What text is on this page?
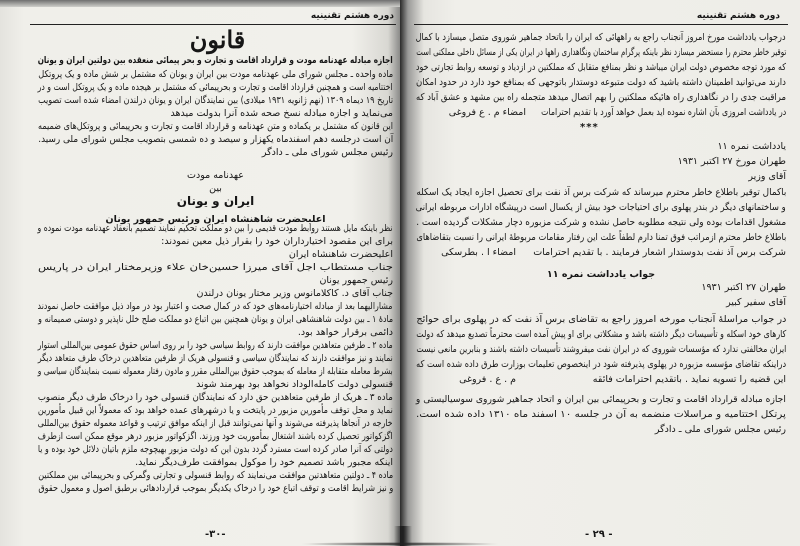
دوره هشتم تقنینیه
قانون
اجازه مبادله عهدنامه مودت و قرارداد اقامت و تجارت و بحر پیمائی منعقده بین دولتین ایران و یونان
ماده واحده ـ مجلس شورای ملی عهدنامه مودت بین ایران و یونان که مشتمل بر شش ماده و یک پروتکل
اختتامیه است و همچنین قرارداد اقامت و تجارت و بحرپیمائی که مشتمل بر هیجده ماده و یک پروتکل است و در
تاریخ ۱۹ دیماه ۱۳۰۹ (نهم ژانویه ۱۹۳۱ میلادی) بین نمایندگان ایران و یونان درلندن امضاء شده است تصویب
می‌نماید و اجازه مبادله نسخ صحه شده آنرا بدولت میدهد
این قانون که مشتمل بر یکماده و متن عهدنامه و قرارداد اقامت و تجارت و بحرپیمائی و پروتکل‌های ضمیمه
آن است درجلسه دهم اسفندماه یکهزار و سیصد و ده شمسی بتصویب مجلس شورای ملی رسید.
رئیس مجلس شورای ملی ـ دادگر
عهدنامه مودت
بین
ایران و یونان
اعلیحضرت شاهنشاه ایران ورئیس جمهور یونان
نظر باینکه مایل هستند روابط مودت قدیمی را بین دو مملکت تحکیم نمایند تصمیم بانعقاد عهدنامه مودت نموده و
برای این مقصود اختیارداران خود را بقرار ذیل معین نمودند:
اعلیحضرت شاهنشاه ایران
جناب مستطاب اجل آقای میرزا حسین‌خان علاء وزیرمختار ایران در پاریس
رئیس جمهور یونان
جناب آقای د. کاکلامانوس وزیر مختار یونان درلندن
مشارالیهما بعد از مبادله اختیارنامه‌های خود که در کمال صحت و اعتبار بود در مواد ذیل موافقت حاصل نمودند
مادهٔ ۱ ـ بین دولت شاهنشاهی ایران و یونان همچنین بین اتباع دو مملکت صلح خلل ناپذیر و دوستی صمیمانه و
دائمی برقرار خواهد بود.
ماده ۲ ـ طرفین متعاهدین موافقت دارند که روابط سیاسی خود را بر روی اساس حقوق عمومی بین‌المللی استوار
نمایند و نیز موافقت دارند که نمایندگان سیاسی و قنسولی هریک از طرفین متعاهدین درخاک طرف متعاهد دیگر
بشرط معامله متقابله از معامله که بموجب حقوق بین‌المللی مقرر و مادون رفتار معموله نسبت بنمایندگان سیاسی و
قنسولی دولت کامله‌الوداد نخواهد بود بهرمند شوند
ماده ۳ ـ هریک از طرفین متعاهدین حق دارد که نمایندگان قنسولی خود را درخاک طرف دیگر منصوب
نماید و محل توقف مأمورین مزبور در پایتخت و یا درشهرهای عمده خواهد بود که معمولاً این قبیل مأمورین
خارجه در آنجاها پذیرفته می‌شوند و آنها نمی‌توانند قبل از اینکه موافق ترتیب و قواعد معموله حقوق بین‌المللی
اگزکواتور تحصیل کرده باشند اشتغال بمأموریت خود ورزند. اگزکواتور مزبور درهر موقع ممکن است ازطرف
دولتی که آنرا صادر کرده است مسترد گردد بدون این که دولت مزبور بهیچوجه ملزم باتیان دلائل خود بوده و یا
اینکه مجبور باشد تصمیم خود را موکول بموافقت طرف‌دیگر نماید.
ماده ۴ ـ دولتین متعاهدتین موافقت می‌نمایند که روابط قنسولی و تجارتی وگمرکی و بحرپیمائی بین مملکتین
و نیز شرایط اقامت و توقف اتباع خود را درخاک یکدیگر بموجب قراردادهائی برطبق اصول و معمول حقوق
-۳۰-
دوره هشتم تقنینیه
درجواب یادداشت مورخ امروز آنجناب راجع به راههائی که ایران را باتحاد جماهیر شوروی متصل میسازد با کمال
توقیر خاطر محترم را مستحضر میسازد نظر باینکه پرگرام ساختمان ونگاهداری راهها در ایران یکی از مسائل داخلی مملکتی است
که مورد توجه مخصوص دولت ایران میباشد و نظر بمنافع متقابل که مملکتین در ازدیاد و توسعه روابط تجارتی خود
دارند می‌توانید اطمینان داشته باشید که دولت متبوعه دوستدار باتوجهی که بمنافع خود دارد در حدود امکان
مراقبت جدی را در نگاهداری راه هائیکه مملکتین را بهم اتصال میدهد متجمله راه بین مشهد و عشق آباد که
در یادداشت امروزی بآن اشاره نموده اید بعمل خواهد آورد با تقدیم احترامات
امضاء م . ع فروغی
***
یادداشت نمره ۱۱
طهران مورخ ۲۷ اکتبر ۱۹۳۱
آقای وزیر
باکمال توقیر باطلاع خاطر محترم میرساند که شرکت برس آذ نفت برای تحصیل اجازه ایجاد یک اسکله
و ساختمانهای دیگر در بندر پهلوی برای احتیاجات خود بیش از یکسال است درپیشگاه ادارات مربوطه ایرانی
مشغول اقدامات بوده ولی نتیجه مطلوبه حاصل نشده و شرکت مزبوره دچار مشکلات گردیده است .
باطلاع خاطر محترم ازمراتب فوق تمنا دارم لطفاً علت این رفتار مقامات مربوطهٔ ایرانی را نسبت بتقاضاهای
شرکت برس آذ نفت بدوستدار اشعار فرمایند . با تقدیم احترامات
امضاء ا . بطرسکی
جواب یادداشت نمره ۱۱
طهران ۲۷ اکتبر ۱۹۳۱
آقای سفیر کبیر
در جواب مراسلهٔ آنجناب مورخه امروز راجع به تقاضای برس آذ نفت که در پهلوی برای حوائج
کارهای خود اسکله و تأسیسات دیگر داشته باشد و مشکلاتی برای او پیش آمده است محترماً تصدیع میدهد که دولت
ایران مخالفتی ندارد که مؤسسات شوروی که در ایران نفت میفروشند تأسیسات داشته باشند و بنابرین مانعی نیست
دراینکه تقاضای مؤسسه مزبوره در پهلوی پذیرفته شود در اینخصوص تعلیمات بوزارت طرق داده شده است که
این قضیه را تسویه نماید . باتقدیم احترامات فائقه
م . ع . فروغی
اجازه مبادله قرارداد اقامت و تجارت و بحرپیمائی بین ایران و اتحاد جماهیر شوروی سوسیالیستی و
پرتکل اختتامیه و مراسلات منضمه به آن در جلسه ۱۰ اسفند ماه ۱۳۱۰ داده شده است.
رئیس مجلس شورای ملی ـ دادگر
- ۲۹ -
